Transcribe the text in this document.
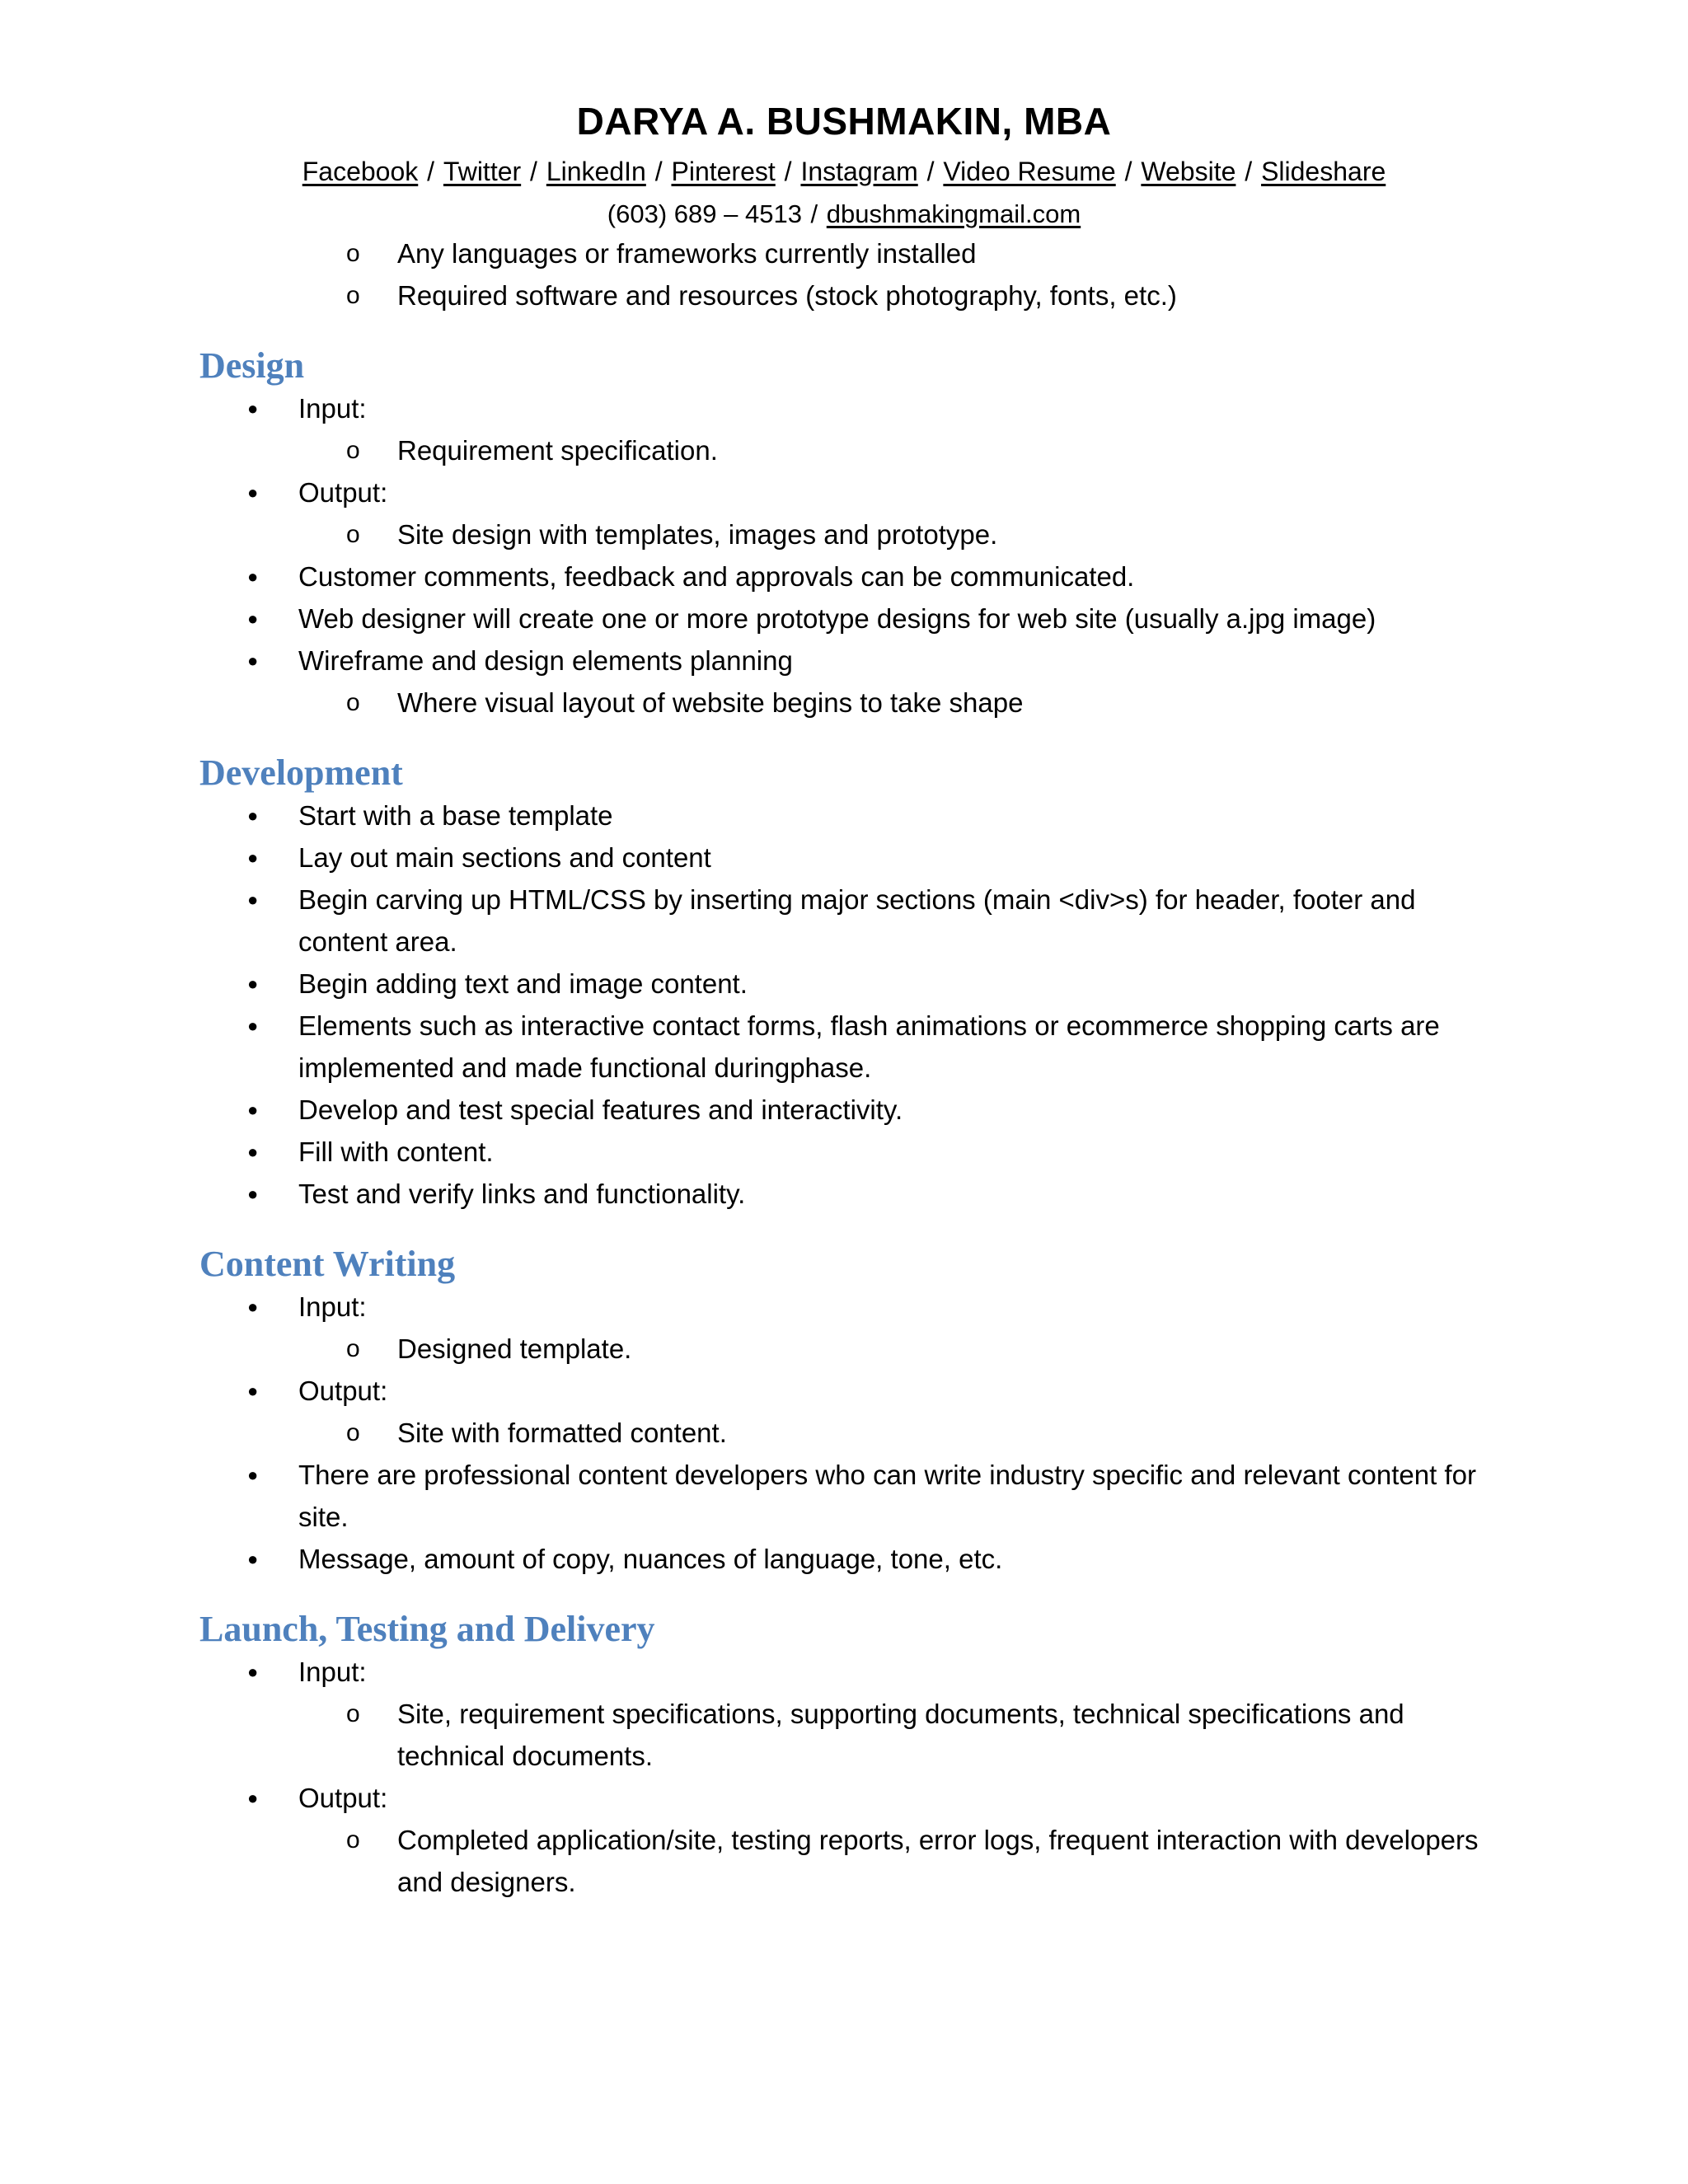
DARYA A. BUSHMAKIN, MBA
Facebook / Twitter / LinkedIn / Pinterest / Instagram / Video Resume / Website / Slideshare
(603) 689 – 4513 / dbushmakingmail.com
o Any languages or frameworks currently installed
o Required software and resources (stock photography, fonts, etc.)
Design
● Input:
o Requirement specification.
● Output:
o Site design with templates, images and prototype.
● Customer comments, feedback and approvals can be communicated.
● Web designer will create one or more prototype designs for web site (usually a.jpg image)
● Wireframe and design elements planning
o Where visual layout of website begins to take shape
Development
● Start with a base template
● Lay out main sections and content
● Begin carving up HTML/CSS by inserting major sections (main <div>s) for header, footer and content area.
● Begin adding text and image content.
● Elements such as interactive contact forms, flash animations or ecommerce shopping carts are implemented and made functional duringphase.
● Develop and test special features and interactivity.
● Fill with content.
● Test and verify links and functionality.
Content Writing
● Input:
o Designed template.
● Output:
o Site with formatted content.
● There are professional content developers who can write industry specific and relevant content for site.
● Message, amount of copy, nuances of language, tone, etc.
Launch, Testing and Delivery
● Input:
o Site, requirement specifications, supporting documents, technical specifications and technical documents.
● Output:
o Completed application/site, testing reports, error logs, frequent interaction with developers and designers.
